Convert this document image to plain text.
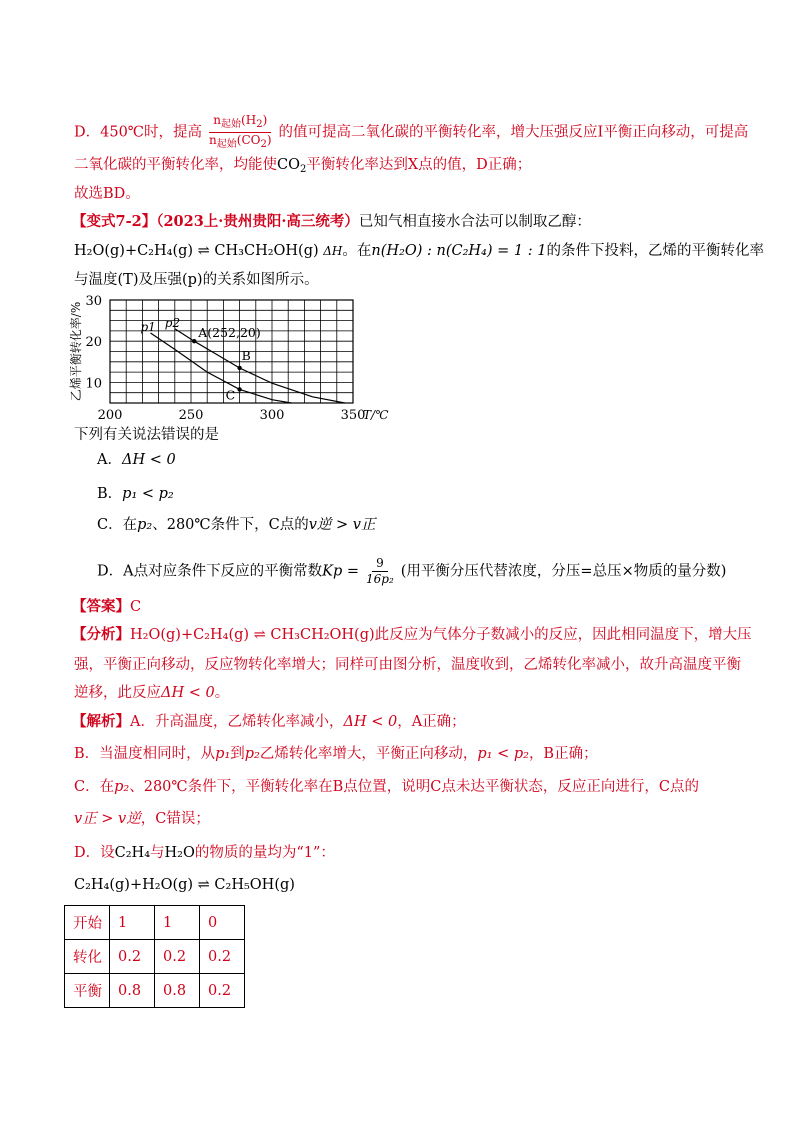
D．450℃时，提高 $\frac{n_{起始}(H_2)}{n_{起始}(CO_2)}$ 的值可提高二氧化碳的平衡转化率，增大压强反应Ⅰ平衡正向移动，可提高
二氧化碳的平衡转化率，均能使$CO_2$平衡转化率达到X点的值，D正确；
故选BD。
【变式7-2】（2023上·贵州贵阳·高三统考）已知气相直接水合法可以制取乙醇：
H₂O(g)+C₂H₄(g) ⇌ CH₃CH₂OH(g) ΔH。在n(H₂O) : n(C₂H₄) = 1 : 1的条件下投料，乙烯的平衡转化率
与温度(T)及压强(p)的关系如图所示。
200	250	300	350
10
20
30
T/℃
乙烯平衡转化率/%	p1 p2
A(252,20)
B
C
下列有关说法错误的是
A．ΔH < 0
B．p₁ < p₂
C．在p₂、280℃条件下，C点的v逆 > v正
D．A点对应条件下反应的平衡常数$Kp = \frac{9}{\text{16p₂}}$ (用平衡分压代替浓度，分压=总压×物质的量分数)
【答案】C
【分析】H₂O(g)+C₂H₄(g) ⇌ CH₃CH₂OH(g)此反应为气体分子数减小的反应，因此相同温度下，增大压
强，平衡正向移动，反应物转化率增大；同样可由图分析，温度收到，乙烯转化率减小，故升高温度平衡
逆移，此反应ΔH < 0。
【解析】A．升高温度，乙烯转化率减小，ΔH < 0，A正确；
B．当温度相同时，从p₁到p₂乙烯转化率增大，平衡正向移动，p₁ < p₂，B正确；
C．在p₂、280℃条件下，平衡转化率在B点位置，说明C点未达平衡状态，反应正向进行，C点的
v正 > v逆，C错误；
D．设C₂H₄与H₂O的物质的量均为“1”：
C₂H₄(g)+H₂O(g) ⇌ C₂H₅OH(g)
开始	1	1	0
转化	0.2	0.2	0.2
平衡	0.8	0.8	0.2
